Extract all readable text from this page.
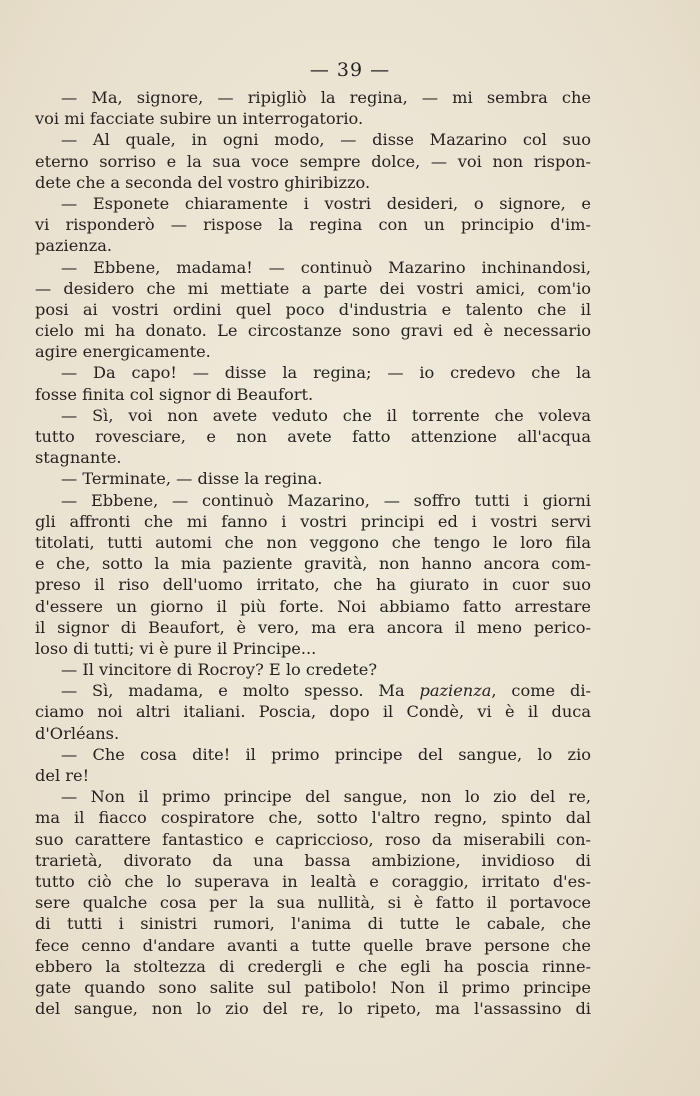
— 39 —
— Ma, signore, — ripigliò la regina, — mi sembra che
voi mi facciate subire un interrogatorio.
— Al quale, in ogni modo, — disse Mazarino col suo
eterno sorriso e la sua voce sempre dolce, — voi non rispon-
dete che a seconda del vostro ghiribizzo.
— Esponete chiaramente i vostri desideri, o signore, e
vi risponderò — rispose la regina con un principio d'im-
pazienza.
— Ebbene, madama! — continuò Mazarino inchinandosi,
— desidero che mi mettiate a parte dei vostri amici, com'io
posi ai vostri ordini quel poco d'industria e talento che il
cielo mi ha donato. Le circostanze sono gravi ed è necessario
agire energicamente.
— Da capo! — disse la regina; — io credevo che la
fosse finita col signor di Beaufort.
— Sì, voi non avete veduto che il torrente che voleva
tutto rovesciare, e non avete fatto attenzione all'acqua
stagnante.
— Terminate, — disse la regina.
— Ebbene, — continuò Mazarino, — soffro tutti i giorni
gli affronti che mi fanno i vostri principi ed i vostri servi
titolati, tutti automi che non veggono che tengo le loro fila
e che, sotto la mia paziente gravità, non hanno ancora com-
preso il riso dell'uomo irritato, che ha giurato in cuor suo
d'essere un giorno il più forte. Noi abbiamo fatto arrestare
il signor di Beaufort, è vero, ma era ancora il meno perico-
loso di tutti; vi è pure il Principe...
— Il vincitore di Rocroy? E lo credete?
— Sì, madama, e molto spesso. Ma pazienza, come di-
ciamo noi altri italiani. Poscia, dopo il Condè, vi è il duca
d'Orléans.
— Che cosa dite! il primo principe del sangue, lo zio
del re!
— Non il primo principe del sangue, non lo zio del re,
ma il fiacco cospiratore che, sotto l'altro regno, spinto dal
suo carattere fantastico e capriccioso, roso da miserabili con-
trarietà, divorato da una bassa ambizione, invidioso di
tutto ciò che lo superava in lealtà e coraggio, irritato d'es-
sere qualche cosa per la sua nullità, si è fatto il portavoce
di tutti i sinistri rumori, l'anima di tutte le cabale, che
fece cenno d'andare avanti a tutte quelle brave persone che
ebbero la stoltezza di credergli e che egli ha poscia rinne-
gate quando sono salite sul patibolo! Non il primo principe
del sangue, non lo zio del re, lo ripeto, ma l'assassino di
